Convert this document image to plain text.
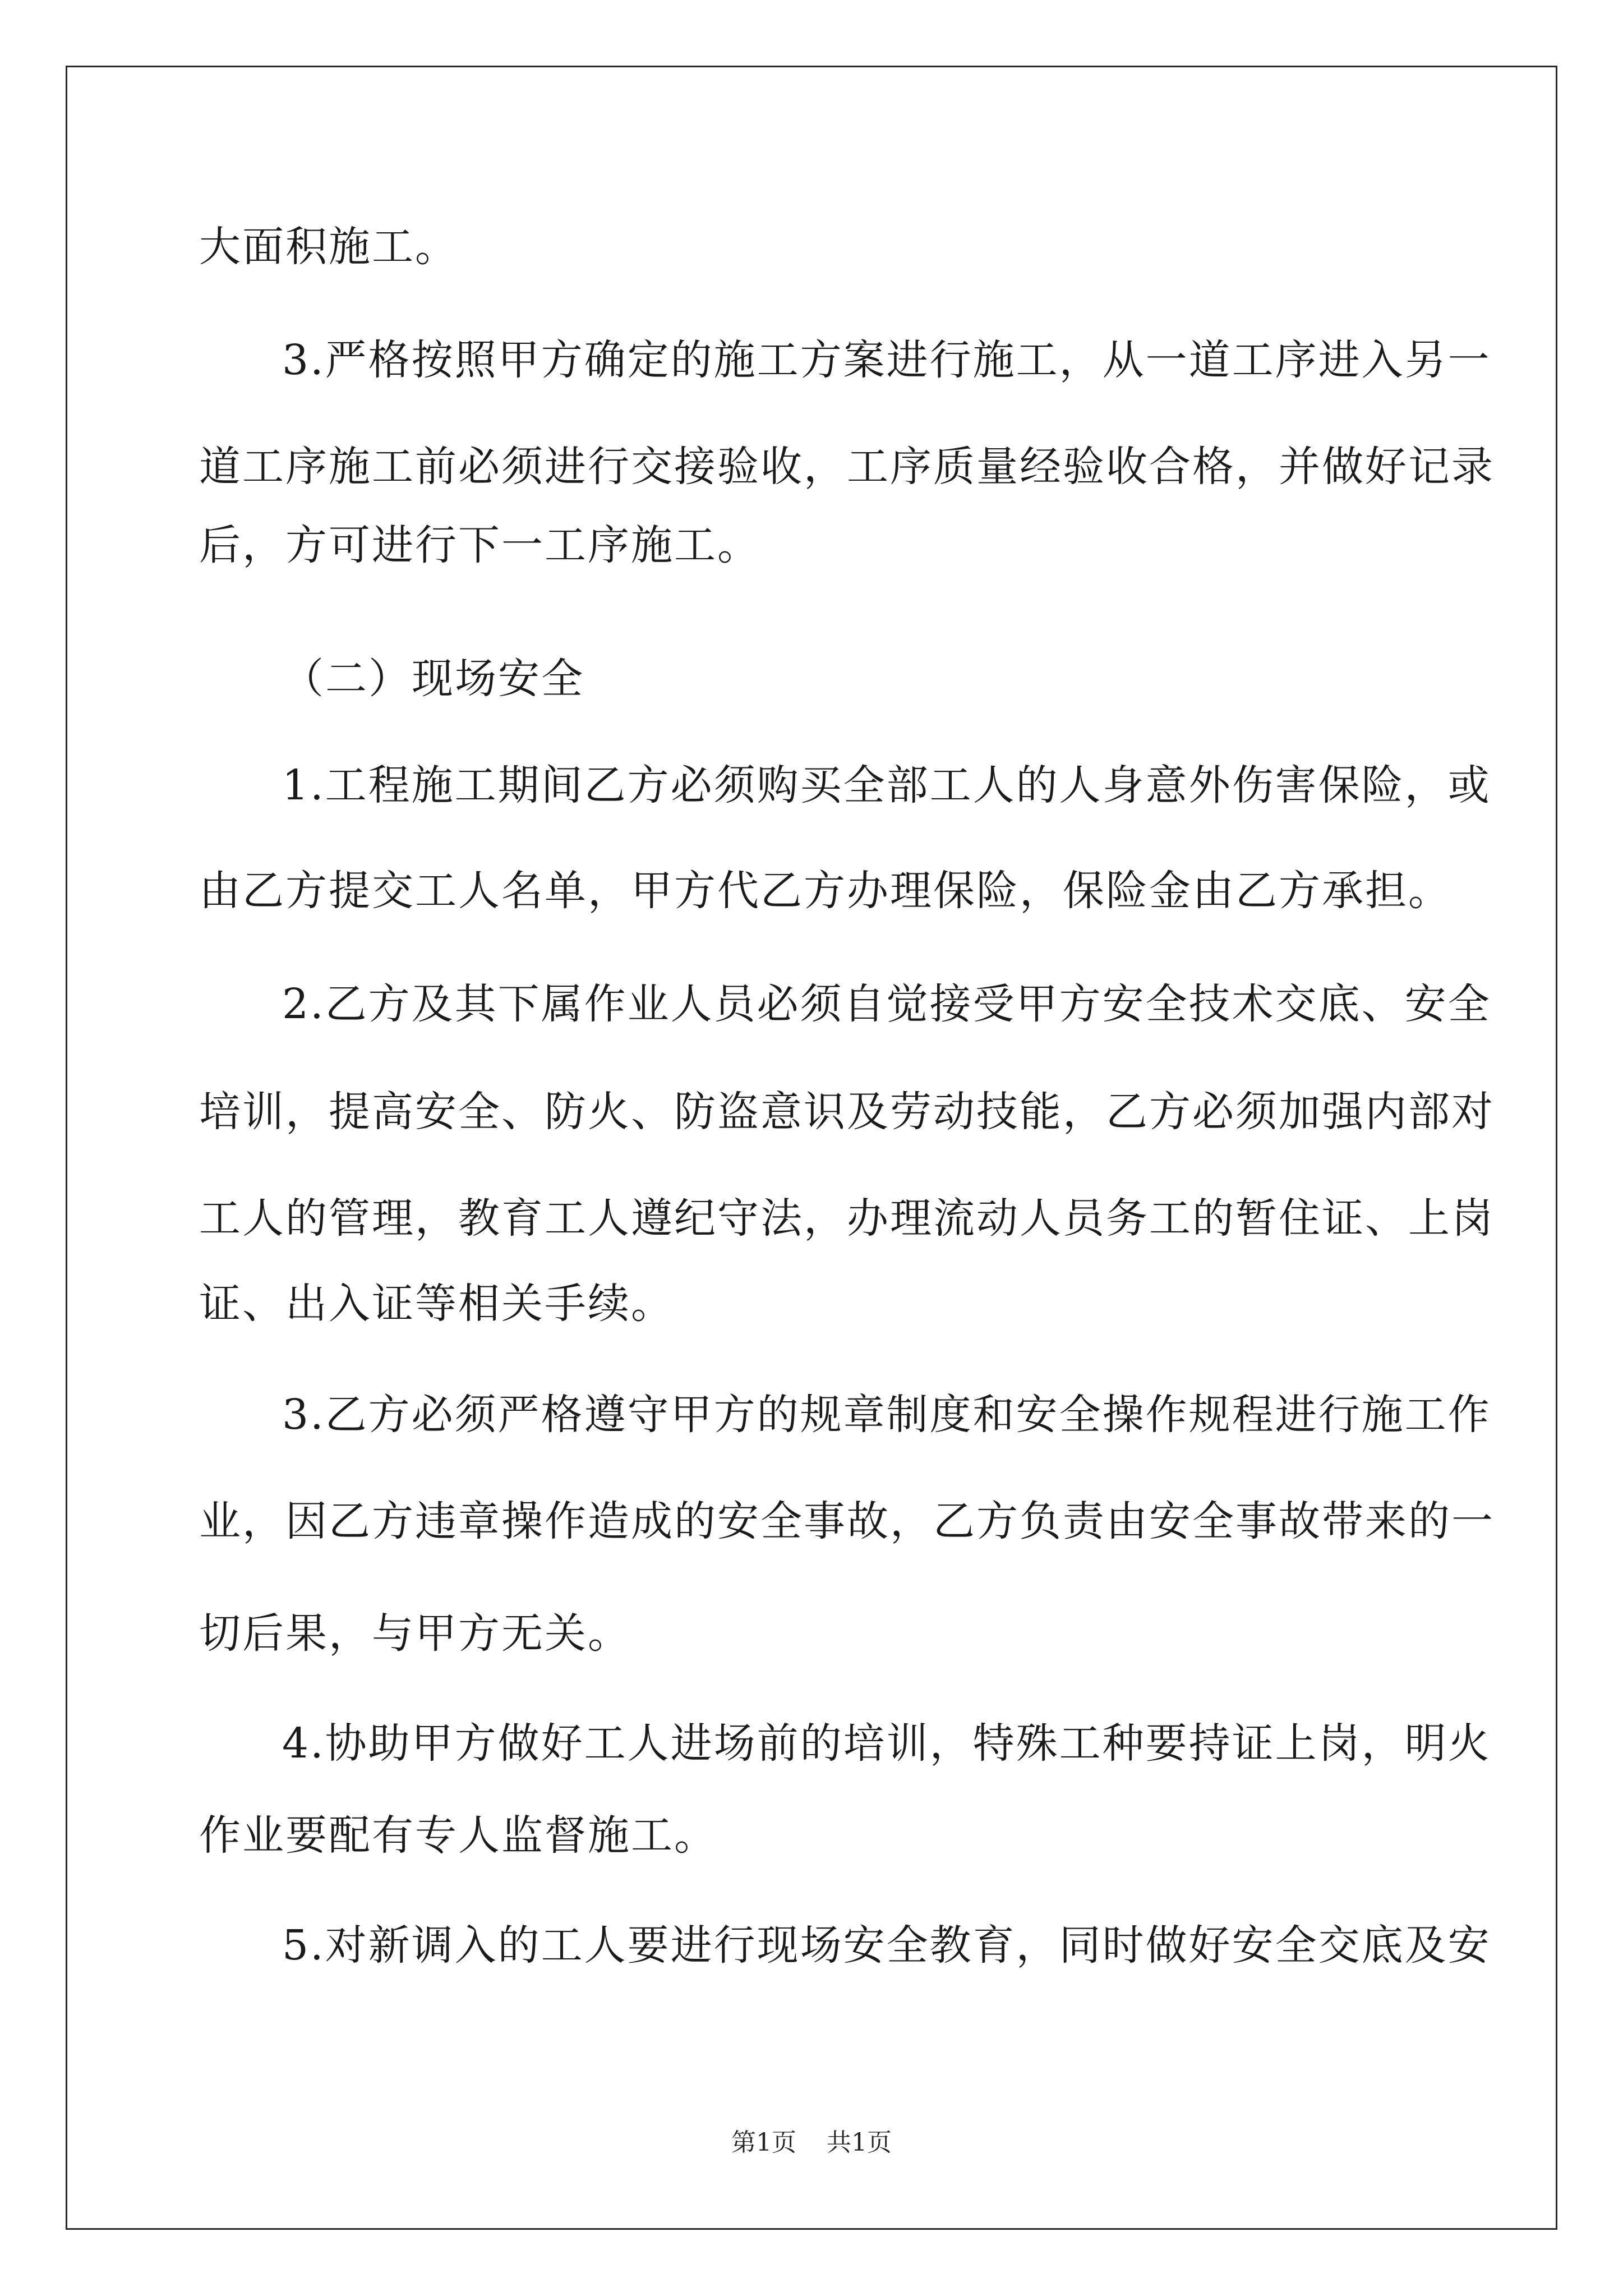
大面积施工。
3.严格按照甲方确定的施工方案进行施工，从一道工序进入另一
道工序施工前必须进行交接验收，工序质量经验收合格，并做好记录
后，方可进行下一工序施工。
（二）现场安全
1.工程施工期间乙方必须购买全部工人的人身意外伤害保险，或
由乙方提交工人名单，甲方代乙方办理保险，保险金由乙方承担。
2.乙方及其下属作业人员必须自觉接受甲方安全技术交底、安全
培训，提高安全、防火、防盗意识及劳动技能，乙方必须加强内部对
工人的管理，教育工人遵纪守法，办理流动人员务工的暂住证、上岗
证、出入证等相关手续。
3.乙方必须严格遵守甲方的规章制度和安全操作规程进行施工作
业，因乙方违章操作造成的安全事故，乙方负责由安全事故带来的一
切后果，与甲方无关。
4.协助甲方做好工人进场前的培训，特殊工种要持证上岗，明火
作业要配有专人监督施工。
5.对新调入的工人要进行现场安全教育，同时做好安全交底及安
第1页 共1页
